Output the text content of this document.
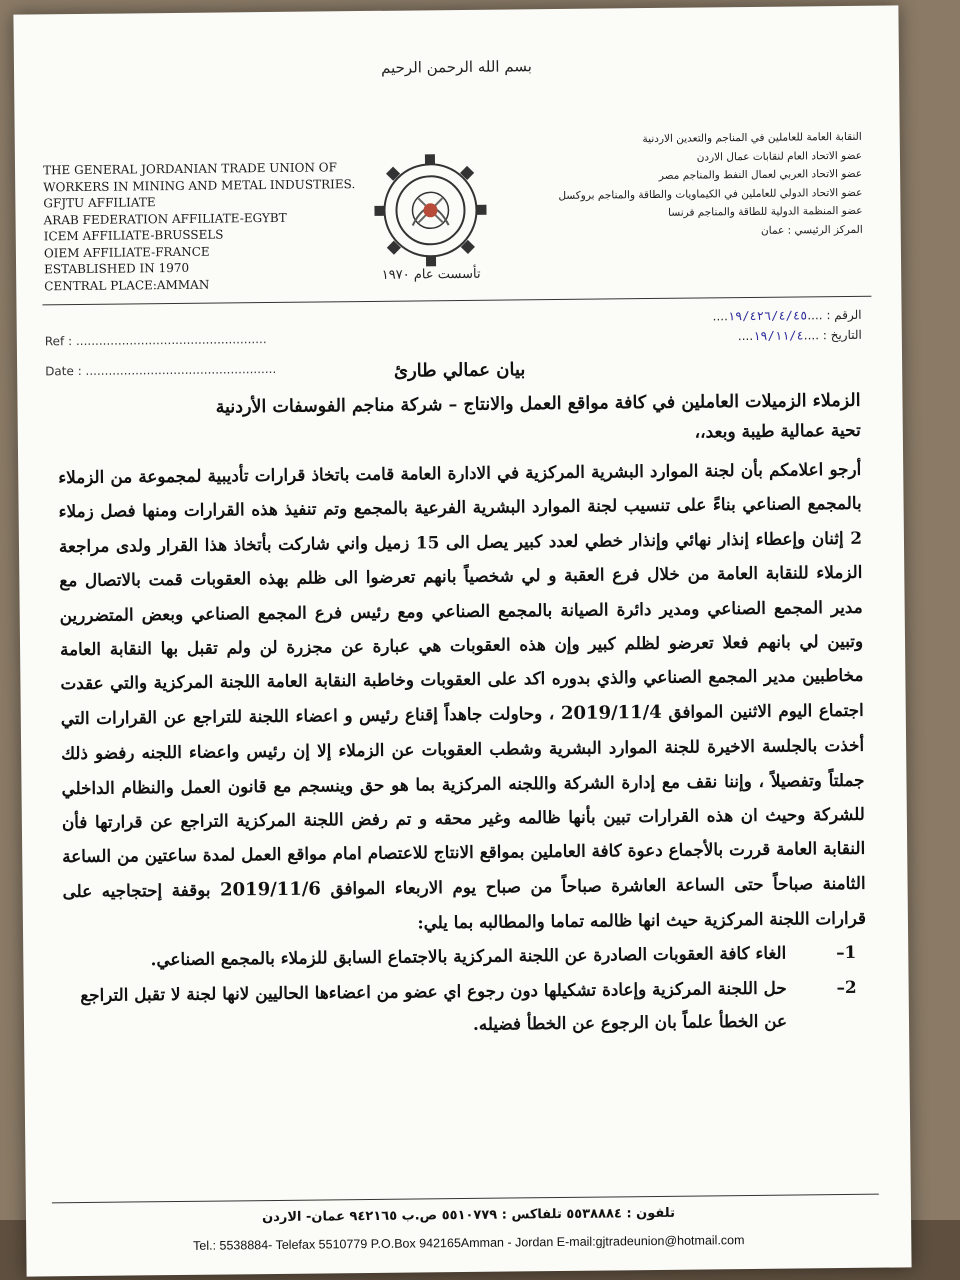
بسم الله الرحمن الرحيم
THE GENERAL JORDANIAN TRADE UNION OF
WORKERS IN MINING AND METAL INDUSTRIES.
GFJTU AFFILIATE
ARAB FEDERATION AFFILIATE-EGYBT
ICEM AFFILIATE-BRUSSELS
OIEM AFFILIATE-FRANCE
ESTABLISHED IN 1970
CENTRAL PLACE:AMMAN
تأسست عام ١٩٧٠
النقابة العامة للعاملين في المناجم والتعدين الاردنية
عضو الاتحاد العام لنقابات عمال الاردن
عضو الاتحاد العربي لعمال النفط والمناجم مصر
عضو الاتحاد الدولي للعاملين في الكيماويات والطاقة والمناجم بروكسل
عضو المنظمة الدولية للطاقة والمناجم فرنسا
المركز الرئيسي : عمان
Ref : ..................................................
Date : ..................................................
الرقم : ....١٩/٤٢٦/٤/٤٥....
التاريخ : ....١٩/١١/٤....
بيان عمالي طارئ
الزملاء الزميلات العاملين في كافة مواقع العمل والانتاج – شركة مناجم الفوسفات الأردنية
تحية عمالية طيبة وبعد،،
أرجو اعلامكم بأن لجنة الموارد البشرية المركزية في الادارة العامة قامت باتخاذ قرارات تأديبية لمجموعة من الزملاء بالمجمع الصناعي بناءً على تنسيب لجنة الموارد البشرية الفرعية بالمجمع وتم تنفيذ هذه القرارات ومنها فصل زملاء 2 إثنان وإعطاء إنذار نهائي وإنذار خطي لعدد كبير يصل الى 15 زميل واني شاركت بأتخاذ هذا القرار ولدى مراجعة الزملاء للنقابة العامة من خلال فرع العقبة و لي شخصياً بانهم تعرضوا الى ظلم بهذه العقوبات قمت بالاتصال مع مدير المجمع الصناعي ومدير دائرة الصيانة بالمجمع الصناعي ومع رئيس فرع المجمع الصناعي وبعض المتضررين وتبين لي بانهم فعلا تعرضو لظلم كبير وإن هذه العقوبات هي عبارة عن مجزرة لن ولم تقبل بها النقابة العامة مخاطبين مدير المجمع الصناعي والذي بدوره اكد على العقوبات وخاطبة النقابة العامة اللجنة المركزية والتي عقدت اجتماع اليوم الاثنين الموافق 2019/11/4 ، وحاولت جاهداً إقناع رئيس و اعضاء اللجنة للتراجع عن القرارات التي أخذت بالجلسة الاخيرة للجنة الموارد البشرية وشطب العقوبات عن الزملاء إلا إن رئيس واعضاء اللجنه رفضو ذلك جملتاً وتفصيلاً ، وإننا نقف مع إدارة الشركة واللجنه المركزية بما هو حق وينسجم مع قانون العمل والنظام الداخلي للشركة وحيث ان هذه القرارات تبين بأنها ظالمه وغير محقه و تم رفض اللجنة المركزية التراجع عن قرارتها فأن النقابة العامة قررت بالأجماع دعوة كافة العاملين بمواقع الانتاج للاعتصام امام مواقع العمل لمدة ساعتين من الساعة الثامنة صباحاً حتى الساعة العاشرة صباحاً من صباح يوم الاربعاء الموافق 2019/11/6 بوقفة إحتجاجيه على قرارات اللجنة المركزية حيث انها ظالمه تماما والمطالبه بما يلي:
1–
الغاء كافة العقوبات الصادرة عن اللجنة المركزية بالاجتماع السابق للزملاء بالمجمع الصناعي.
2–
حل اللجنة المركزية وإعادة تشكيلها دون رجوع اي عضو من اعضاءها الحاليين لانها لجنة لا تقبل التراجع عن الخطأ علماً بان الرجوع عن الخطأ فضيله.
تلفون : ٥٥٣٨٨٨٤ تلفاكس : ٥٥١٠٧٧٩ ص.ب ٩٤٢١٦٥ عمان- الاردن
Tel.: 5538884- Telefax 5510779 P.O.Box 942165Amman - Jordan E-mail:gjtradeunion@hotmail.com
